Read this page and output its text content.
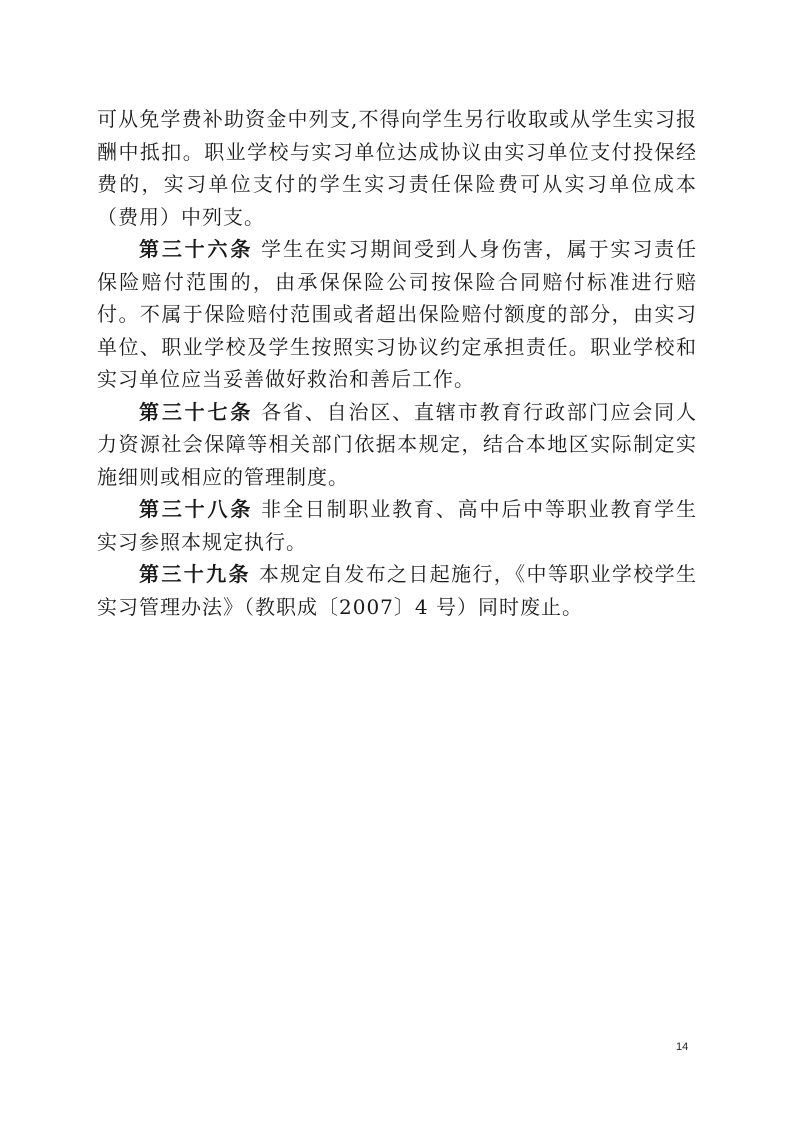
可从免学费补助资金中列支,不得向学生另行收取或从学生实习报酬中抵扣。职业学校与实习单位达成协议由实习单位支付投保经费的，实习单位支付的学生实习责任保险费可从实习单位成本（费用）中列支。

第三十六条 学生在实习期间受到人身伤害，属于实习责任保险赔付范围的，由承保保险公司按保险合同赔付标准进行赔付。不属于保险赔付范围或者超出保险赔付额度的部分，由实习单位、职业学校及学生按照实习协议约定承担责任。职业学校和实习单位应当妥善做好救治和善后工作。

第三十七条 各省、自治区、直辖市教育行政部门应会同人力资源社会保障等相关部门依据本规定，结合本地区实际制定实施细则或相应的管理制度。

第三十八条 非全日制职业教育、高中后中等职业教育学生实习参照本规定执行。

第三十九条 本规定自发布之日起施行，《中等职业学校学生实习管理办法》（教职成〔2007〕4 号）同时废止。

14
